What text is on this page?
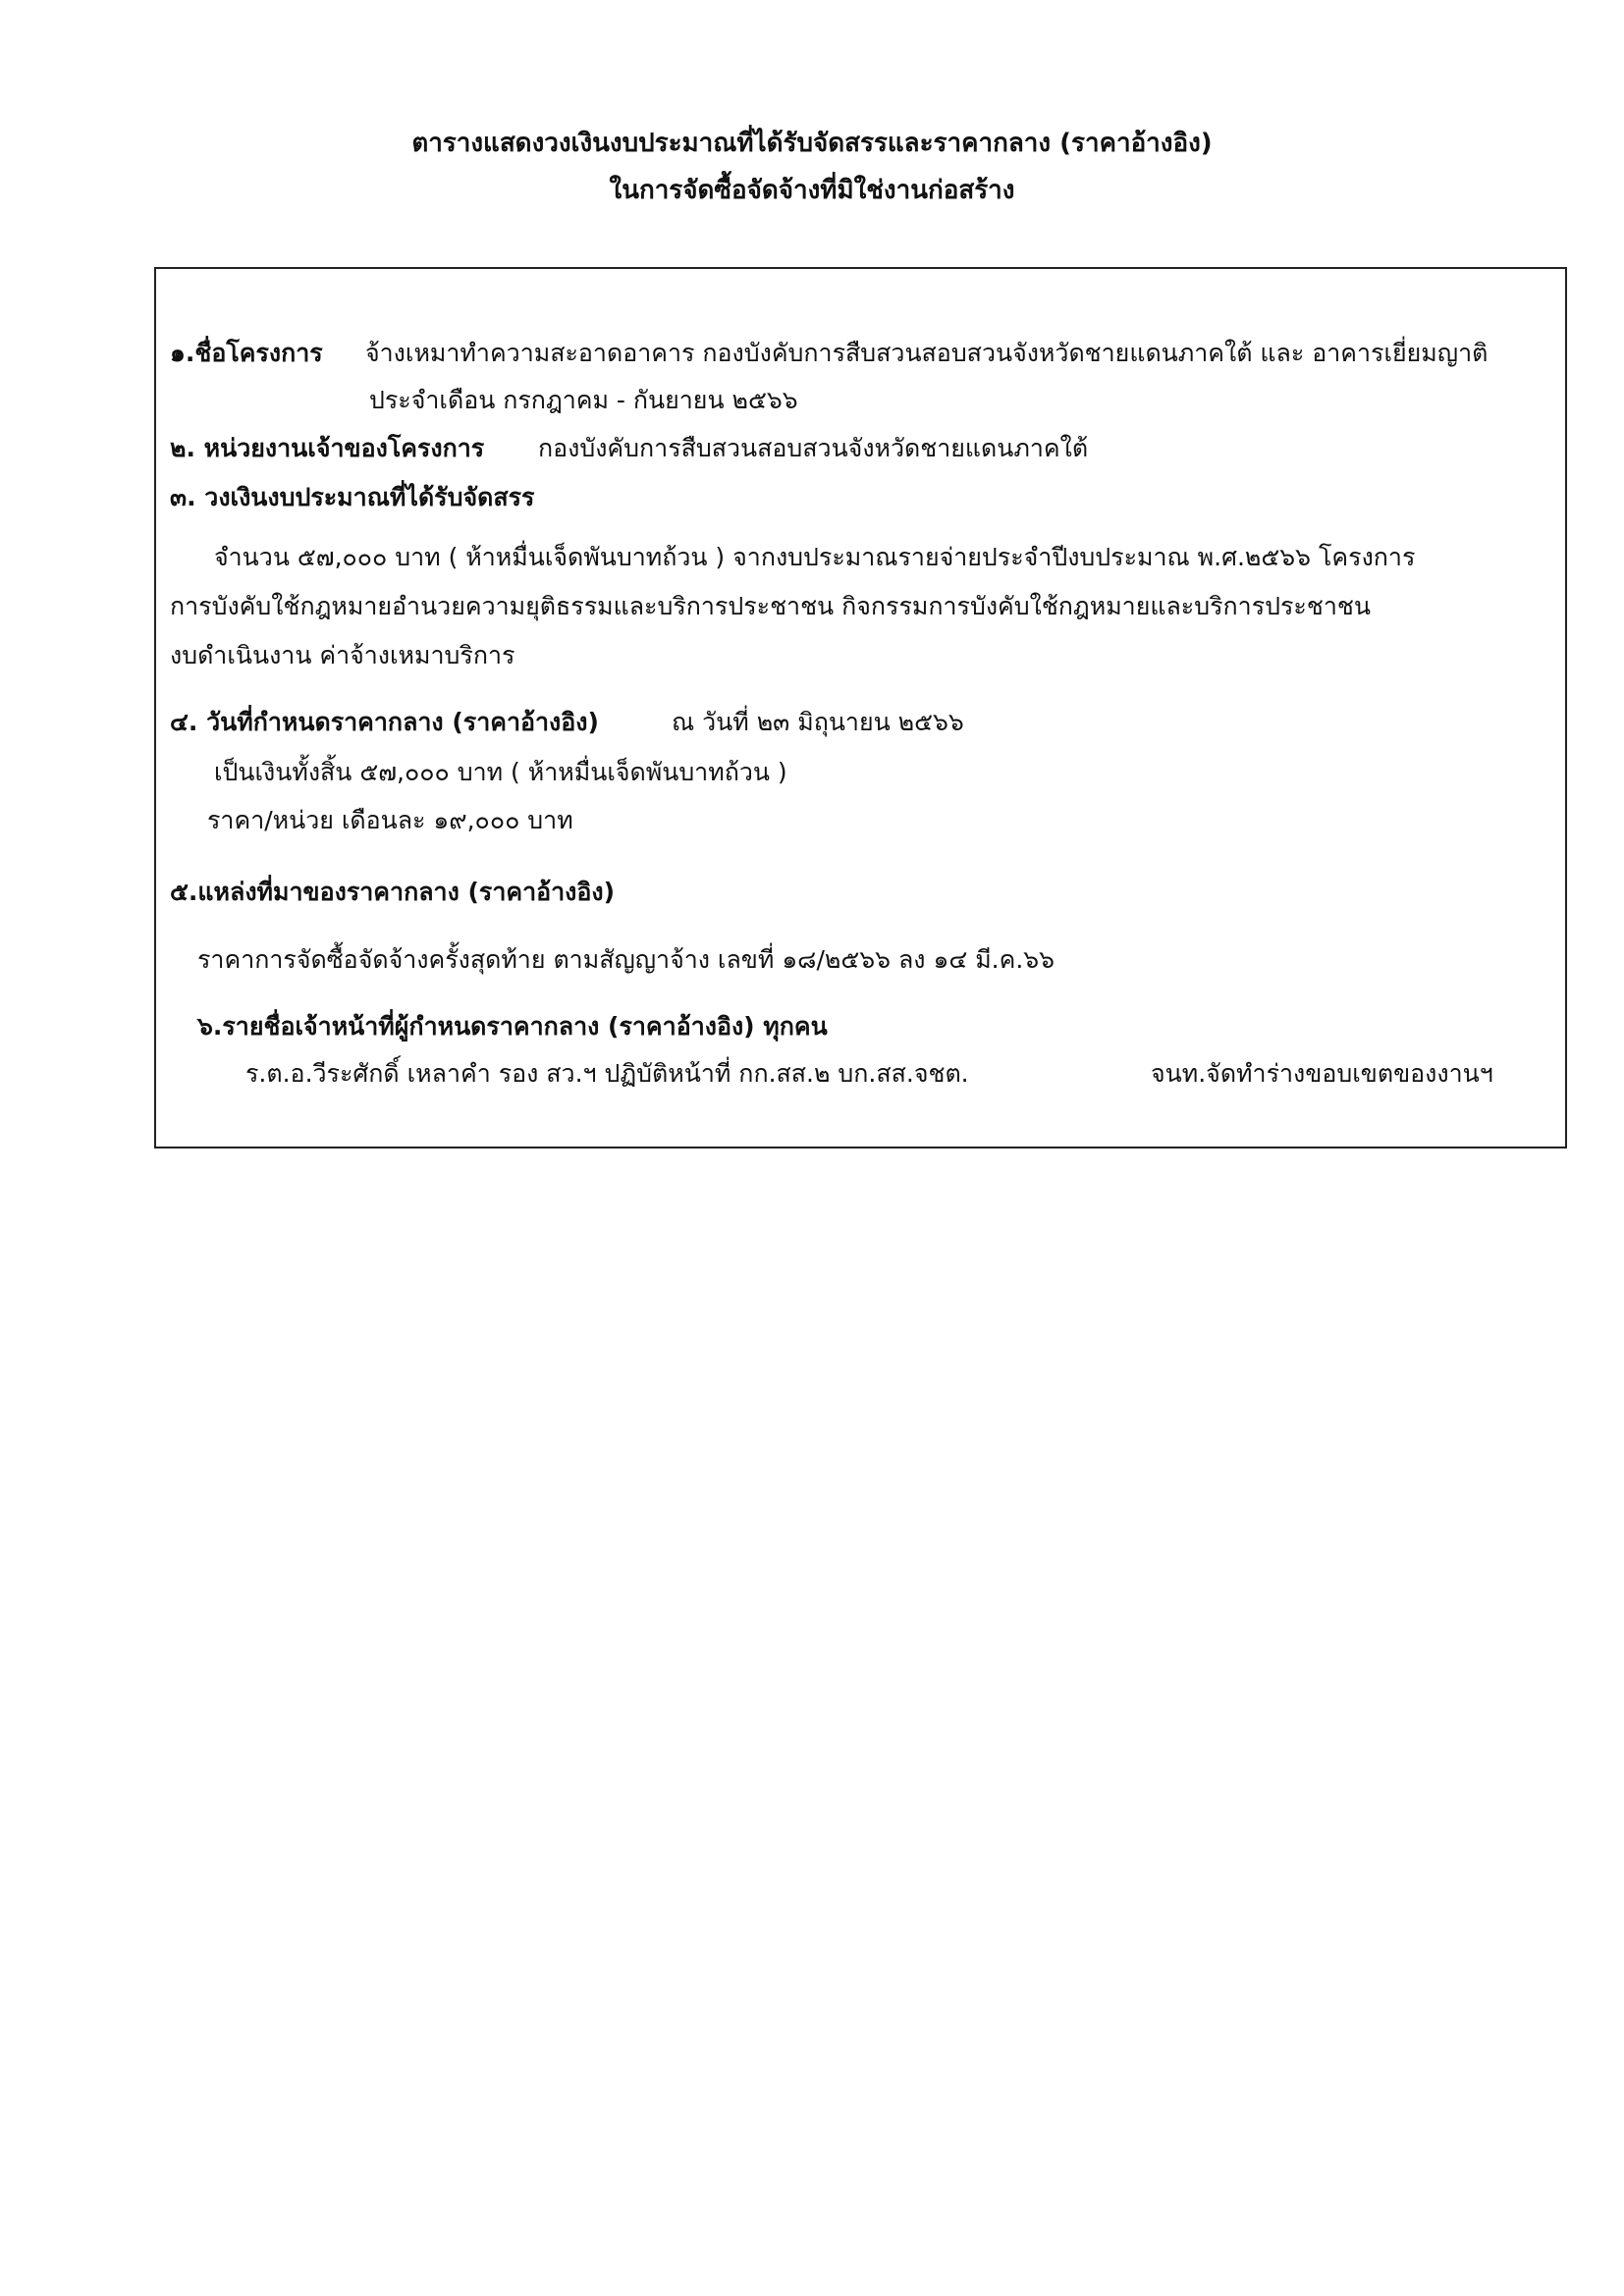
ตารางแสดงวงเงินงบประมาณที่ได้รับจัดสรรและราคากลาง (ราคาอ้างอิง)
ในการจัดซื้อจัดจ้างที่มิใช่งานก่อสร้าง
๑.ชื่อโครงการ จ้างเหมาทำความสะอาดอาคาร กองบังคับการสืบสวนสอบสวนจังหวัดชายแดนภาคใต้ และ อาคารเยี่ยมญาติ
ประจำเดือน กรกฎาคม - กันยายน ๒๕๖๖
๒. หน่วยงานเจ้าของโครงการ กองบังคับการสืบสวนสอบสวนจังหวัดชายแดนภาคใต้
๓. วงเงินงบประมาณที่ได้รับจัดสรร
จำนวน ๕๗,๐๐๐ บาท ( ห้าหมื่นเจ็ดพันบาทถ้วน ) จากงบประมาณรายจ่ายประจำปีงบประมาณ พ.ศ.๒๕๖๖ โครงการ
การบังคับใช้กฎหมายอำนวยความยุติธรรมและบริการประชาชน กิจกรรมการบังคับใช้กฎหมายและบริการประชาชน
งบดำเนินงาน ค่าจ้างเหมาบริการ
๔. วันที่กำหนดราคากลาง (ราคาอ้างอิง)	ณ วันที่ ๒๓ มิถุนายน ๒๕๖๖
เป็นเงินทั้งสิ้น ๕๗,๐๐๐ บาท ( ห้าหมื่นเจ็ดพันบาทถ้วน )
ราคา/หน่วย เดือนละ ๑๙,๐๐๐ บาท
๕.แหล่งที่มาของราคากลาง (ราคาอ้างอิง)
ราคาการจัดซื้อจัดจ้างครั้งสุดท้าย ตามสัญญาจ้าง เลขที่ ๑๘/๒๕๖๖ ลง ๑๔ มี.ค.๖๖
๖.รายชื่อเจ้าหน้าที่ผู้กำหนดราคากลาง (ราคาอ้างอิง) ทุกคน
ร.ต.อ.วีระศักดิ์ เหลาคำ รอง สว.ฯ ปฏิบัติหน้าที่ กก.สส.๒ บก.สส.จชต.	จนท.จัดทำร่างขอบเขตของงานฯ
